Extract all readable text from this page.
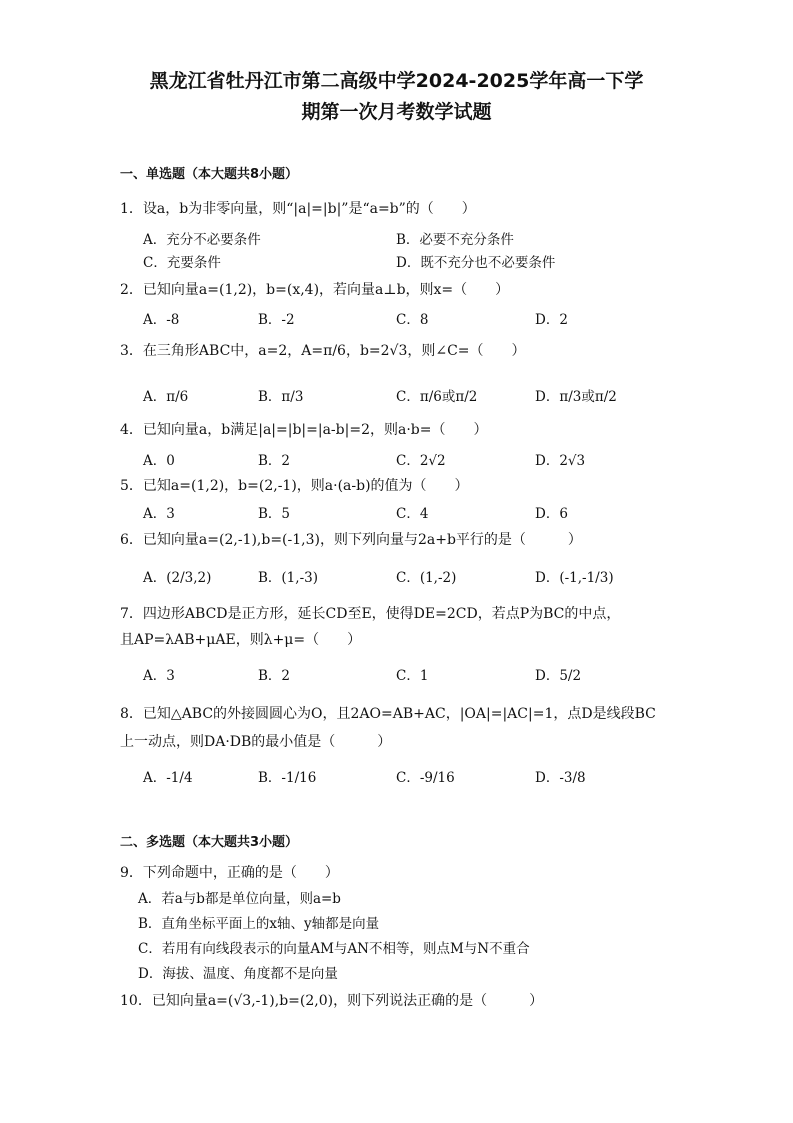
黑龙江省牡丹江市第二高级中学2024-2025学年高一下学
期第一次月考数学试题
一、单选题（本大题共8小题）
1．设a，b为非零向量，则“|a|=|b|”是“a=b”的（　　）
A．充分不必要条件	B．必要不充分条件
C．充要条件	D．既不充分也不必要条件
2．已知向量a=(1,2)，b=(x,4)，若向量a⊥b，则x=（　　）
A．-8	B．-2	C．8	D．2
3．在三角形ABC中，a=2，A=π/6，b=2√3，则∠C=（　　）
A．π/6	B．π/3	C．π/6或π/2	D．π/3或π/2
4．已知向量a，b满足|a|=|b|=|a-b|=2，则a·b=（　　）
A．0	B．2	C．2√2	D．2√3
5．已知a=(1,2)，b=(2,-1)，则a·(a-b)的值为（　　）
A．3	B．5	C．4	D．6
6．已知向量a=(2,-1),b=(-1,3)，则下列向量与2a+b平行的是（　　　）
A．(2/3,2)	B．(1,-3)	C．(1,-2)	D．(-1,-1/3)
7．四边形ABCD是正方形，延长CD至E，使得DE=2CD，若点P为BC的中点，
且AP=λAB+μAE，则λ+μ=（　　）
A．3	B．2	C．1	D．5/2
8．已知△ABC的外接圆圆心为O，且2AO=AB+AC，|OA|=|AC|=1，点D是线段BC
上一动点，则DA·DB的最小值是（　　　）
A．-1/4	B．-1/16	C．-9/16	D．-3/8
二、多选题（本大题共3小题）
9．下列命题中，正确的是（　　）
A．若a与b都是单位向量，则a=b
B．直角坐标平面上的x轴、y轴都是向量
C．若用有向线段表示的向量AM与AN不相等，则点M与N不重合
D．海拔、温度、角度都不是向量
10．已知向量a=(√3,-1),b=(2,0)，则下列说法正确的是（　　　）
